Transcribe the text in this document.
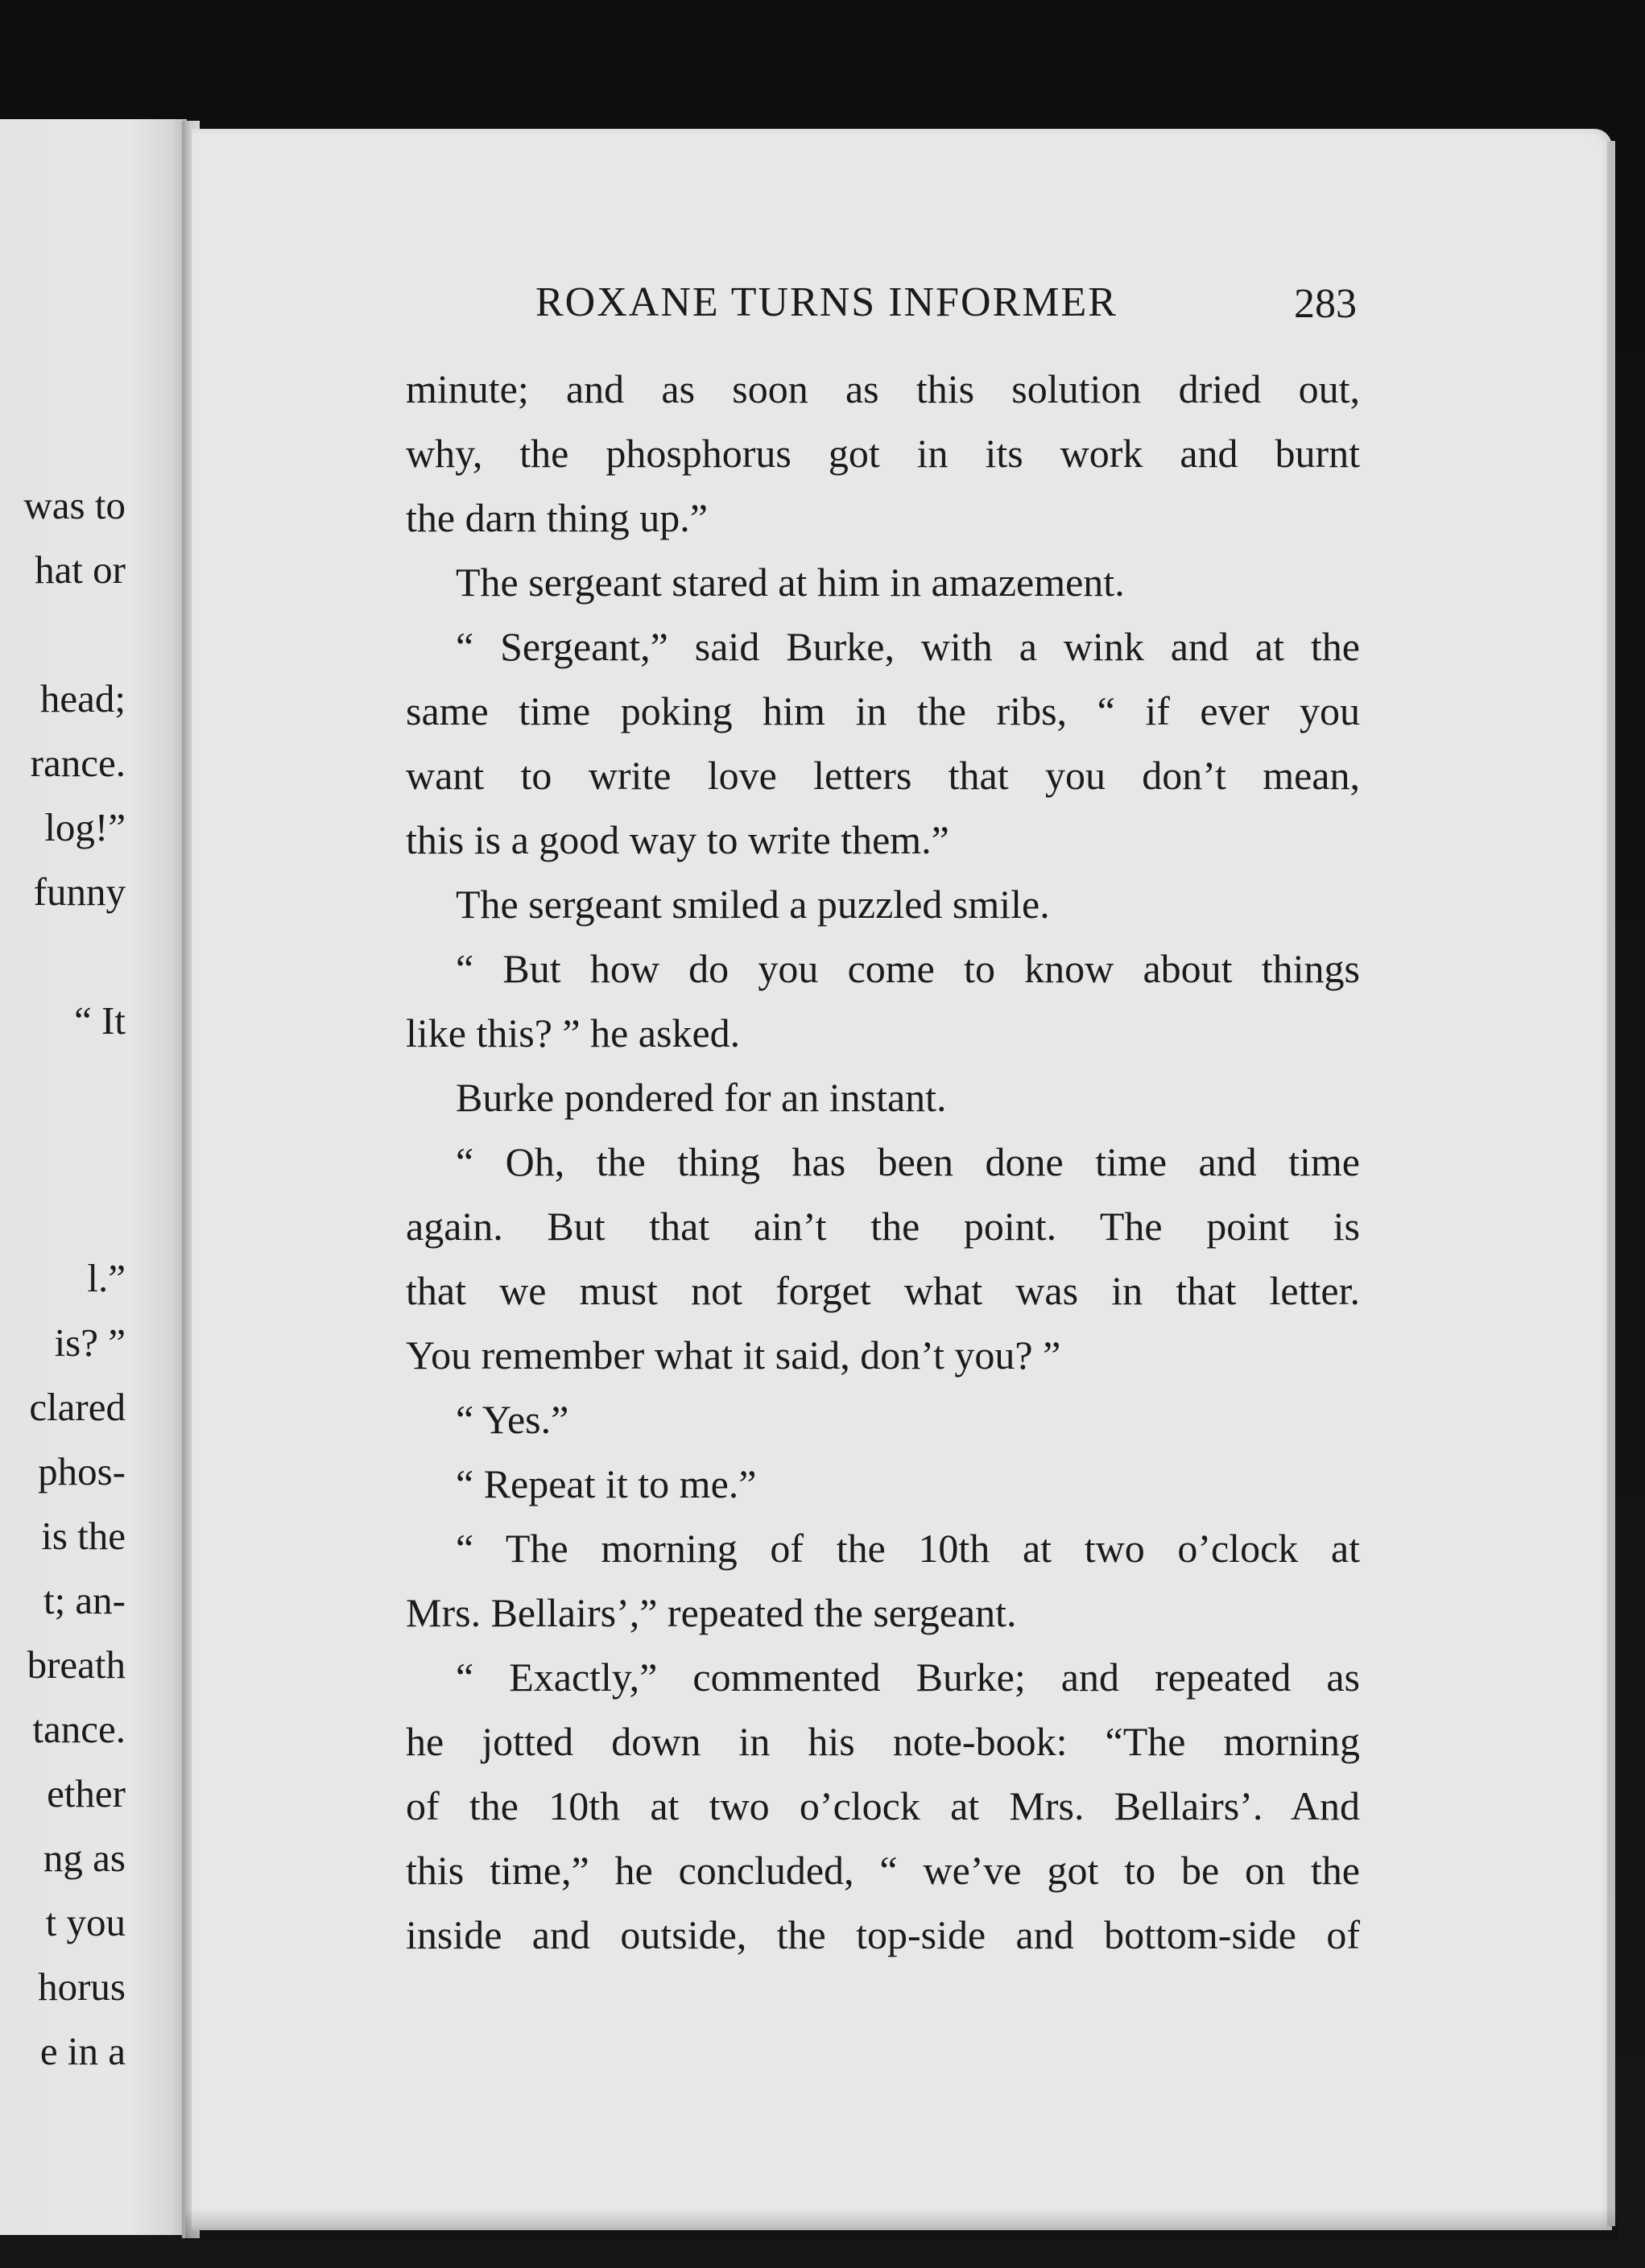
was to
hat or
head;
rance.
log!”
funny
“ It
l.”
is? ”
clared
phos-
is the
t; an-
breath
tance.
ether
ng as
t you
horus
e in a
ROXANE TURNS INFORMER	283
minute; and as soon as this solution dried out,
why, the phosphorus got in its work and burnt
the darn thing up.”
The sergeant stared at him in amazement.
“ Sergeant,” said Burke, with a wink and at the
same time poking him in the ribs, “ if ever you
want to write love letters that you don’t mean,
this is a good way to write them.”
The sergeant smiled a puzzled smile.
“ But how do you come to know about things
like this? ” he asked.
Burke pondered for an instant.
“ Oh, the thing has been done time and time
again. But that ain’t the point. The point is
that we must not forget what was in that letter.
You remember what it said, don’t you? ”
“ Yes.”
“ Repeat it to me.”
“ The morning of the 10th at two o’clock at
Mrs. Bellairs’,” repeated the sergeant.
“ Exactly,” commented Burke; and repeated as
he jotted down in his note-book: “The morning
of the 10th at two o’clock at Mrs. Bellairs’. And
this time,” he concluded, “ we’ve got to be on the
inside and outside, the top-side and bottom-side of
